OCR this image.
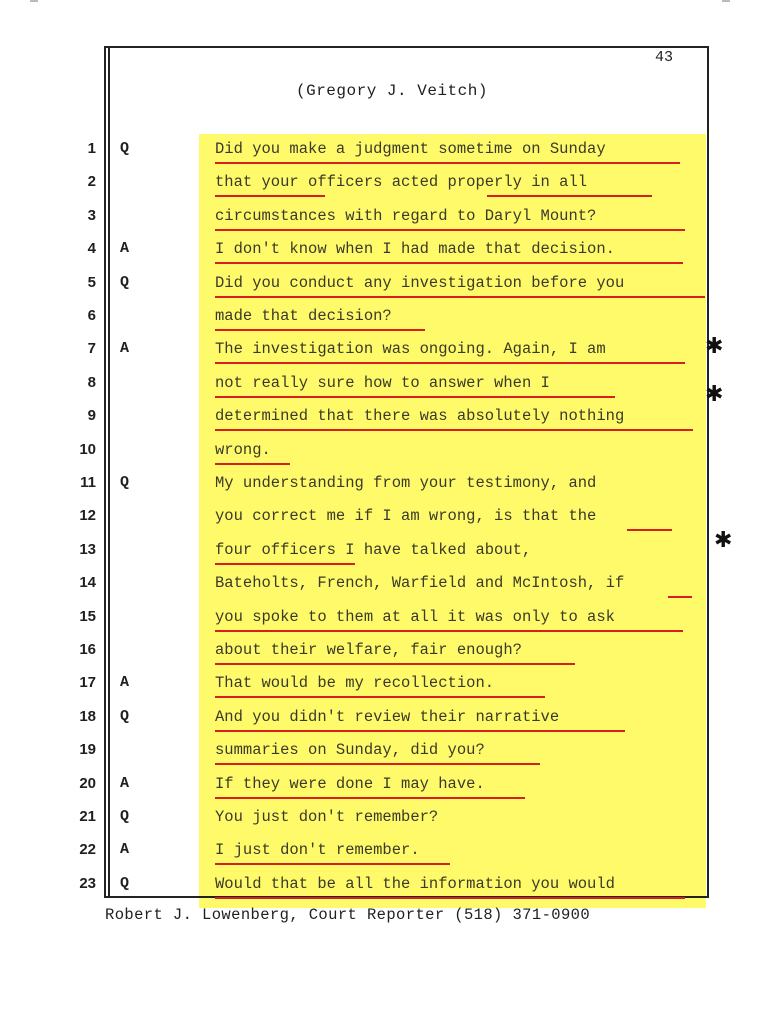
43
(Gregory J. Veitch)
1 Q	Did you make a judgment sometime on Sunday
2	that your officers acted properly in all
3	circumstances with regard to Daryl Mount?
4 A	I don't know when I had made that decision.
5 Q	Did you conduct any investigation before you
6	made that decision?
7 A	The investigation was ongoing. Again, I am
8	not really sure how to answer when I
9	determined that there was absolutely nothing
10	wrong.
11 Q	My understanding from your testimony, and
12	you correct me if I am wrong, is that the
13	four officers I have talked about,
14	Bateholts, French, Warfield and McIntosh, if
15	you spoke to them at all it was only to ask
16	about their welfare, fair enough?
17 A	That would be my recollection.
18 Q	And you didn't review their narrative
19	summaries on Sunday, did you?
20 A	If they were done I may have.
21 Q	You just don't remember?
22 A	I just don't remember.
23 Q	Would that be all the information you would
Robert J. Lowenberg, Court Reporter (518) 371-0900
✱
✱
✱
